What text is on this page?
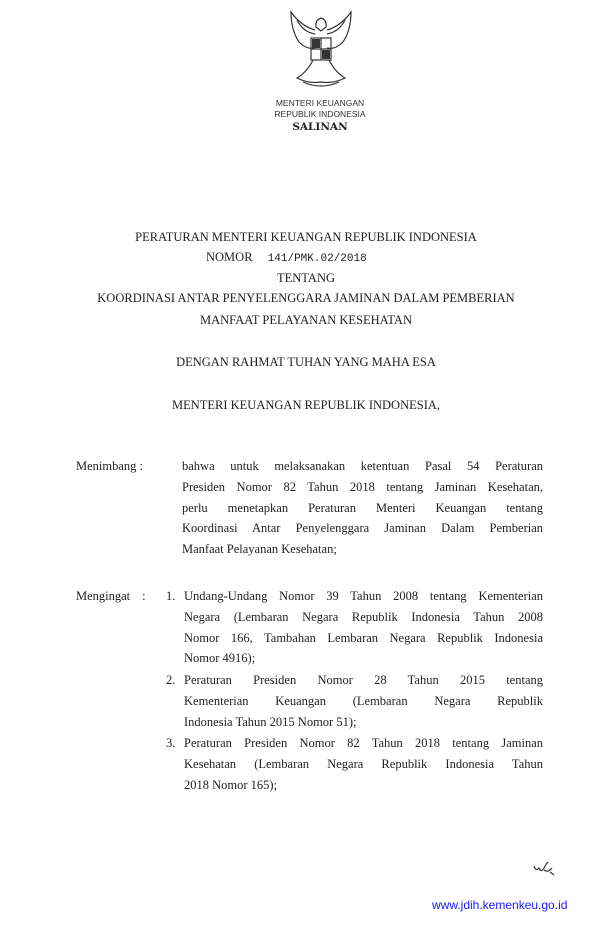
MENTERI KEUANGAN
REPUBLIK INDONESIA
SALINAN
PERATURAN MENTERI KEUANGAN REPUBLIK INDONESIA
NOMOR 141/PMK.02/2018
TENTANG
KOORDINASI ANTAR PENYELENGGARA JAMINAN DALAM PEMBERIAN
MANFAAT PELAYANAN KESEHATAN
DENGAN RAHMAT TUHAN YANG MAHA ESA
MENTERI KEUANGAN REPUBLIK INDONESIA,
Menimbang :	bahwa untuk melaksanakan ketentuan Pasal 54 Peraturan
Presiden Nomor 82 Tahun 2018 tentang Jaminan Kesehatan,
perlu menetapkan Peraturan Menteri Keuangan tentang
Koordinasi Antar Penyelenggara Jaminan Dalam Pemberian
Manfaat Pelayanan Kesehatan;
Mengingat : 1. Undang-Undang Nomor 39 Tahun 2008 tentang Kementerian
Negara (Lembaran Negara Republik Indonesia Tahun 2008
Nomor 166, Tambahan Lembaran Negara Republik Indonesia
Nomor 4916);
2. Peraturan Presiden Nomor 28 Tahun 2015 tentang
Kementerian Keuangan (Lembaran Negara Republik
Indonesia Tahun 2015 Nomor 51);
3. Peraturan Presiden Nomor 82 Tahun 2018 tentang Jaminan
Kesehatan (Lembaran Negara Republik Indonesia Tahun
2018 Nomor 165);
www.jdih.kemenkeu.go.id
